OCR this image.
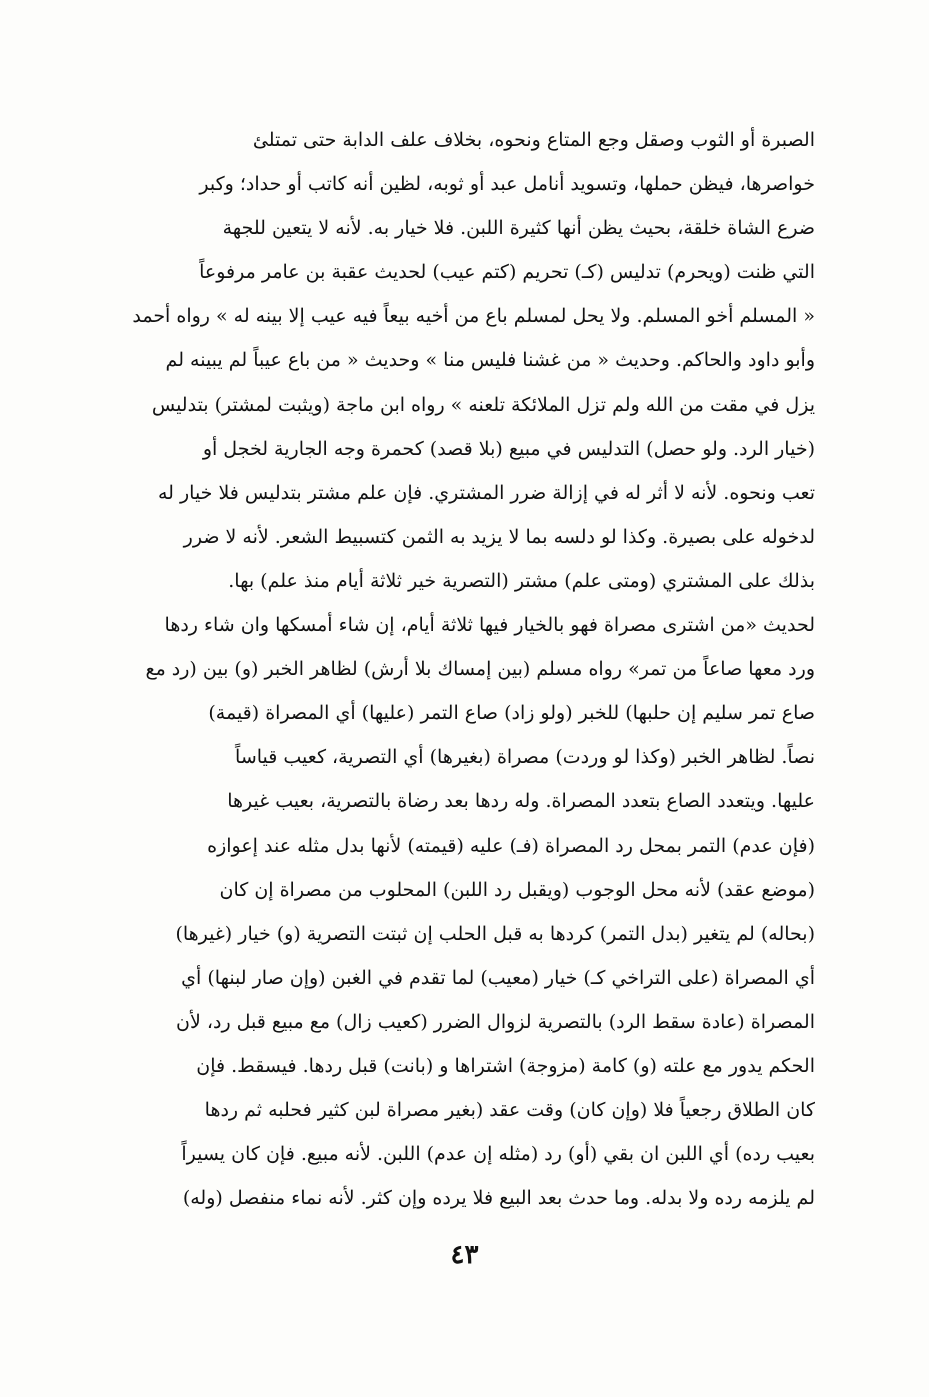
الصبرة أو الثوب وصقل وجع المتاع ونحوه، بخلاف علف الدابة حتى تمتلئ
خواصرها، فيظن حملها، وتسويد أنامل عبد أو ثوبه، لظين أنه كاتب أو حداد؛ وكبر
ضرع الشاة خلقة، بحيث يظن أنها كثيرة اللبن. فلا خيار به. لأنه لا يتعين للجهة
التي ظنت (ويحرم) تدليس (كـ) تحريم (كتم عيب) لحديث عقبة بن عامر مرفوعاً
« المسلم أخو المسلم. ولا يحل لمسلم باع من أخيه بيعاً فيه عيب إلا بينه له » رواه أحمد
وأبو داود والحاكم. وحديث « من غشنا فليس منا » وحديث « من باع عيباً لم يبينه لم
يزل في مقت من الله ولم تزل الملائكة تلعنه » رواه ابن ماجة (ويثبت لمشتر) بتدليس
(خيار الرد. ولو حصل) التدليس في مبيع (بلا قصد) كحمرة وجه الجارية لخجل أو
تعب ونحوه. لأنه لا أثر له في إزالة ضرر المشتري. فإن علم مشتر بتدليس فلا خيار له
لدخوله على بصيرة. وكذا لو دلسه بما لا يزيد به الثمن كتسبيط الشعر. لأنه لا ضرر
بذلك على المشتري (ومتى علم) مشتر (التصرية خير ثلاثة أيام منذ علم) بها.
لحديث «من اشترى مصراة فهو بالخيار فيها ثلاثة أيام، إن شاء أمسكها وان شاء ردها
ورد معها صاعاً من تمر» رواه مسلم (بين إمساك بلا أرش) لظاهر الخبر (و) بين (رد مع
صاع تمر سليم إن حلبها) للخبر (ولو زاد) صاع التمر (عليها) أي المصراة (قيمة)
نصاً. لظاهر الخبر (وكذا لو وردت) مصراة (بغيرها) أي التصرية، كعيب قياساً
عليها. ويتعدد الصاع بتعدد المصراة. وله ردها بعد رضاة بالتصرية، بعيب غيرها
(فإن عدم) التمر بمحل رد المصراة (فـ) عليه (قيمته) لأنها بدل مثله عند إعوازه
(موضع عقد) لأنه محل الوجوب (ويقبل رد اللبن) المحلوب من مصراة إن كان
(بحاله) لم يتغير (بدل التمر) كردها به قبل الحلب إن ثبتت التصرية (و) خيار (غيرها)
أي المصراة (على التراخي كـ) خيار (معيب) لما تقدم في الغبن (وإن صار لبنها) أي
المصراة (عادة سقط الرد) بالتصرية لزوال الضرر (كعيب زال) مع مبيع قبل رد، لأن
الحكم يدور مع علته (و) كامة (مزوجة) اشتراها و (بانت) قبل ردها. فيسقط. فإن
كان الطلاق رجعياً فلا (وإن كان) وقت عقد (بغير مصراة لبن كثير فحلبه ثم ردها
بعيب رده) أي اللبن ان بقي (أو) رد (مثله إن عدم) اللبن. لأنه مبيع. فإن كان يسيراً
لم يلزمه رده ولا بدله. وما حدث بعد البيع فلا يرده وإن كثر. لأنه نماء منفصل (وله)
٤٣
